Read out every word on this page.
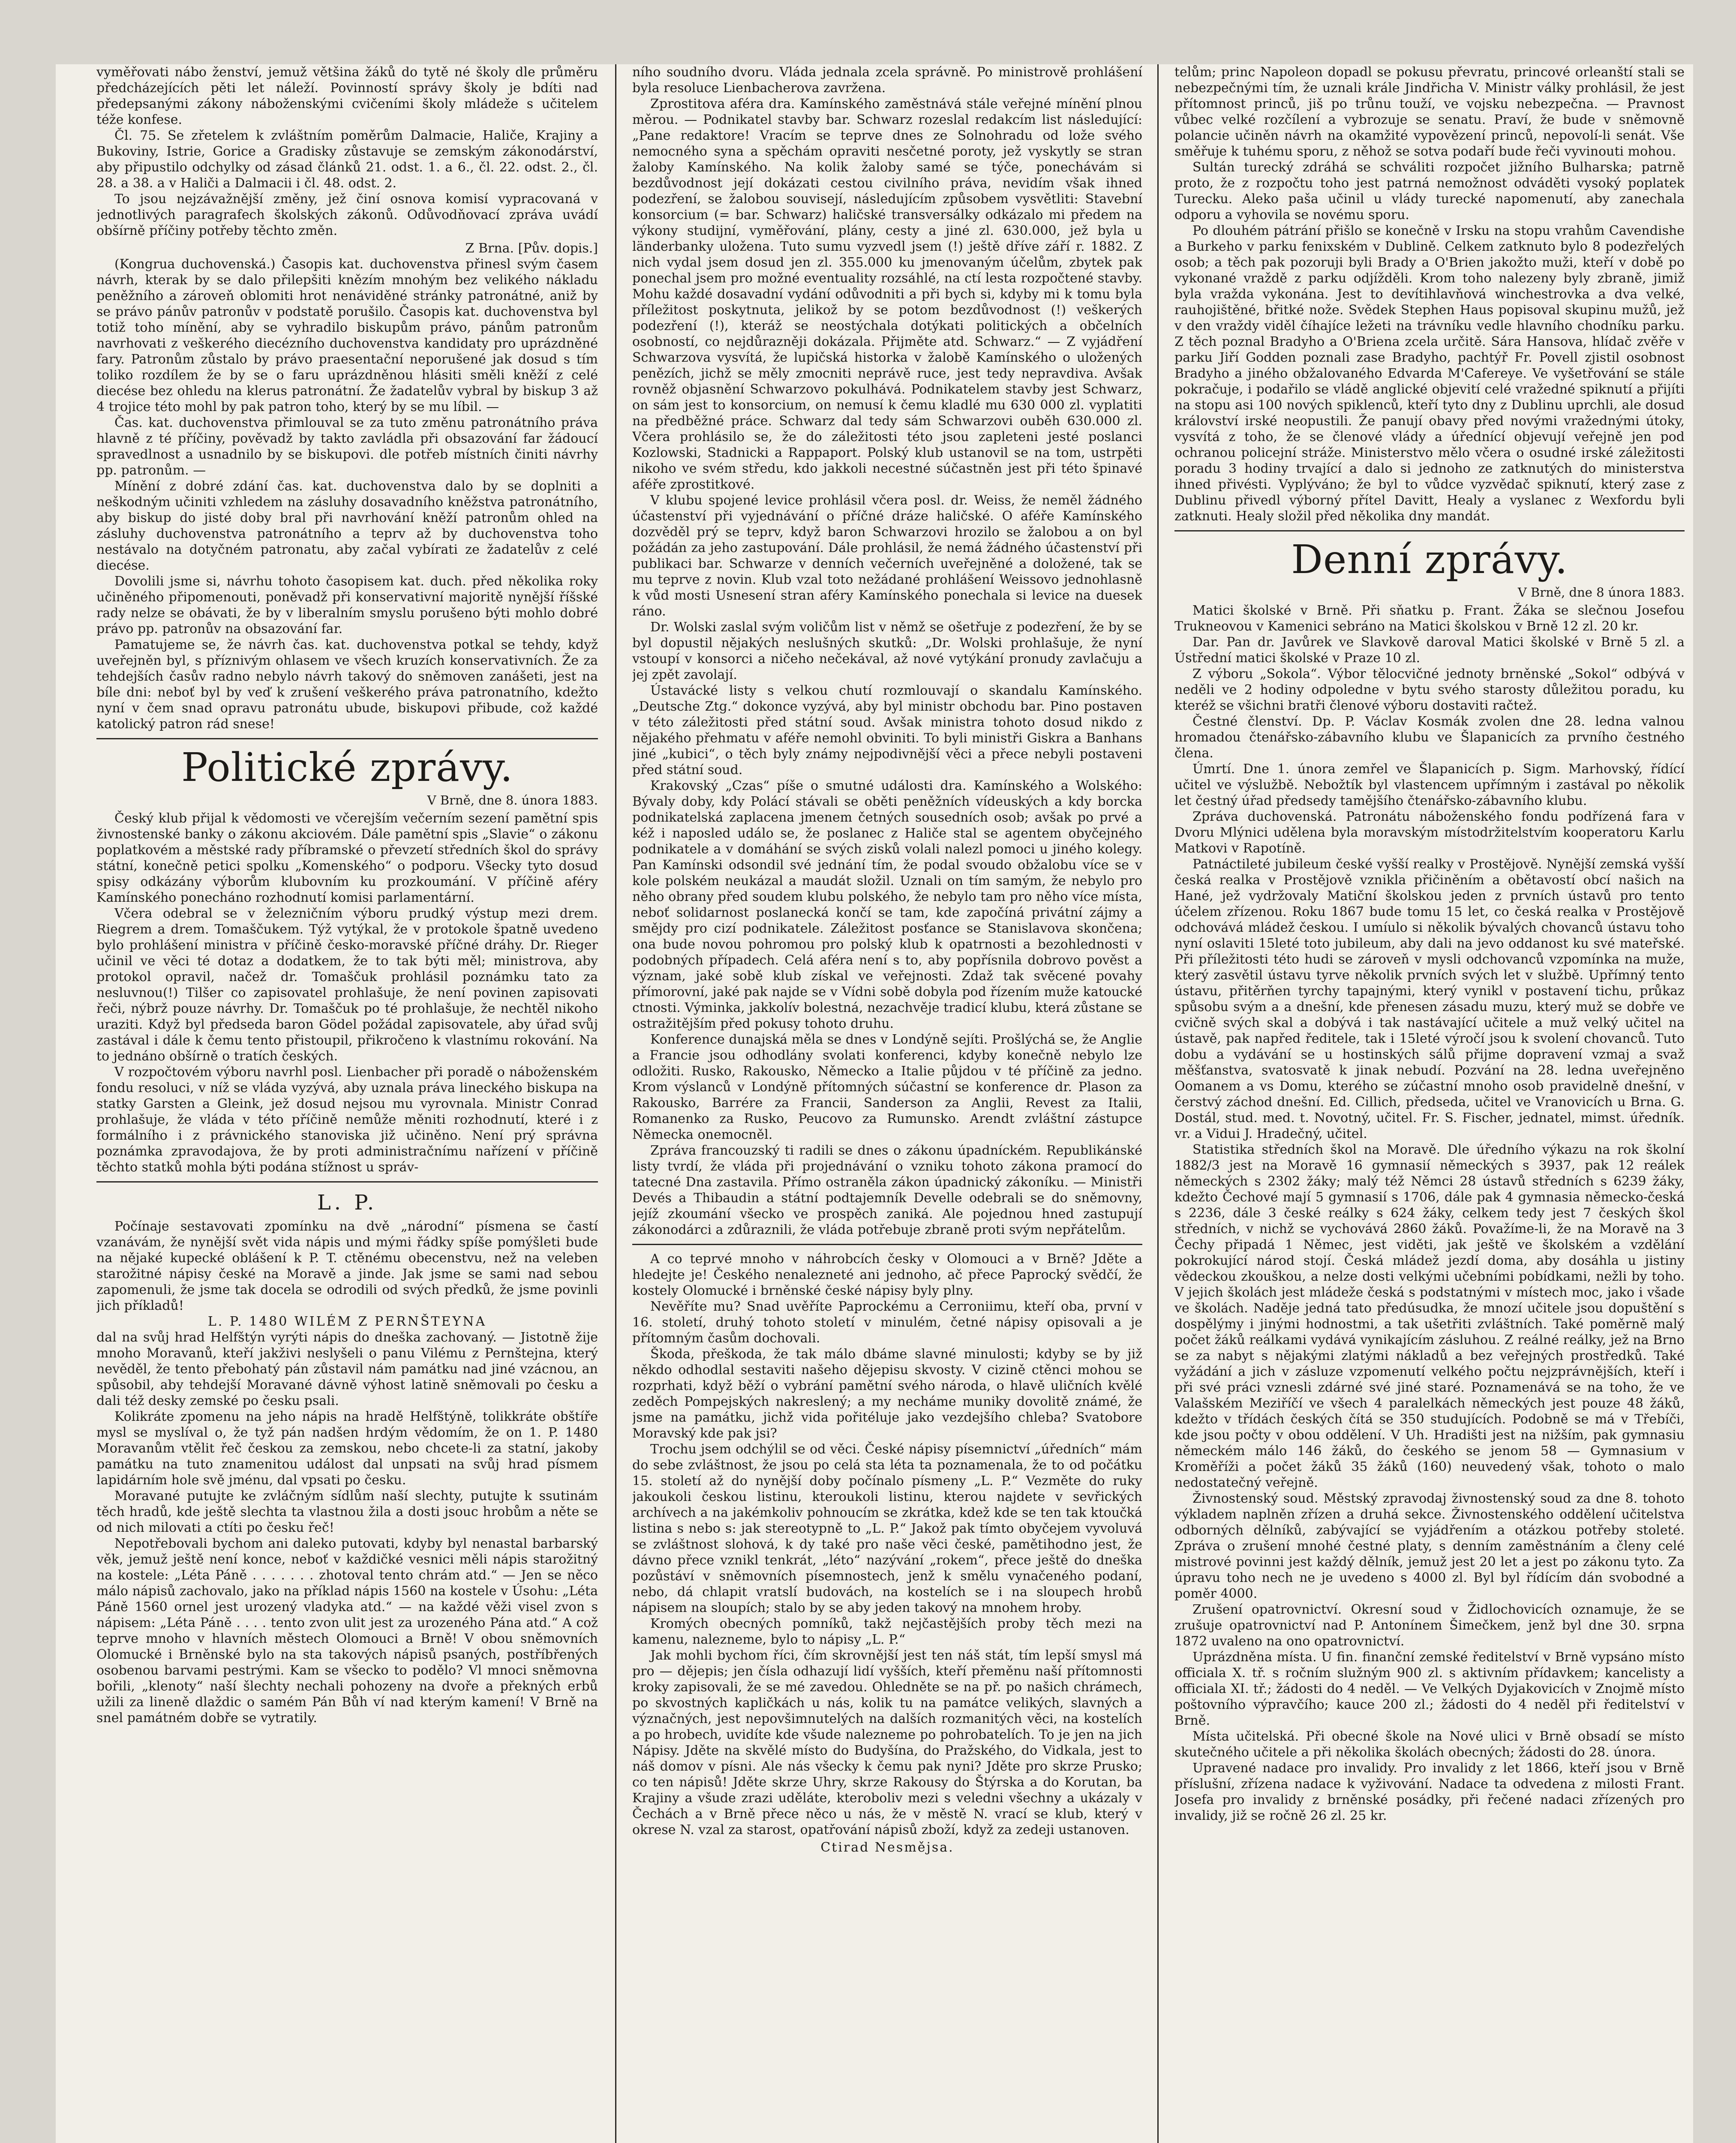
vyměřovati nábo ženství, jemuž většina žáků do tytě né školy dle průměru předcházejících pěti let náleží. Povinností správy školy je bdíti nad předepsanými zákony náboženskými cvičeními školy mládeže s učitelem téže konfese.

Čl. 75. Se zřetelem k zvláštním poměrům Dalmacie, Haliče, Krajiny a Bukoviny, Istrie, Gorice a Gradisky zůstavuje se zemským zákonodárství, aby připustilo odchylky od zásad článků 21. odst. 1. a 6., čl. 22. odst. 2., čl. 28. a 38. a v Haliči a Dalmacii i čl. 48. odst. 2.

To jsou nejzávažnější změny, jež činí osnova komisí vypracovaná v jednotlivých paragrafech školských zákonů. Odůvodňovací zpráva uvádí obšírně příčiny potřeby těchto změn.

Z Brna. [Pův. dopis.]

(Kongrua duchovenská.) Časopis kat. duchovenstva přinesl svým časem návrh, kterak by se dalo přilepšiti knězím mnohým bez velikého nákladu peněžního a zároveň oblomiti hrot nenáviděné stránky patronátné, aniž by se právo pánův patronův v podstatě porušilo. Časopis kat. duchovenstva byl totiž toho mínění, aby se vyhradilo biskupům právo, pánům patronům navrhovati z veškerého diecézního duchovenstva kandidaty pro uprázdněné fary. Patronům zůstalo by právo praesentační neporušené jak dosud s tím toliko rozdílem že by se o faru uprázdněnou hlásiti směli kněží z celé diecése bez ohledu na klerus patronátní. Že žadatelův vybral by biskup 3 až 4 trojice této mohl by pak patron toho, který by se mu líbil. —

Čas. kat. duchovenstva přimlouval se za tuto změnu patronátního práva hlavně z té příčiny, pověvadž by takto zavládla při obsazování far žádoucí spravedlnost a usnadnilo by se biskupovi. dle potřeb místních činiti návrhy pp. patronům. —

Mínění z dobré zdání čas. kat. duchovenstva dalo by se doplniti a neškodným učiniti vzhledem na zásluhy dosavadního kněžstva patronátního, aby biskup do jisté doby bral při navrhování kněží patronům ohled na zásluhy duchovenstva patronátního a teprv až by duchovenstva toho nestávalo na dotyčném patronatu, aby začal vybírati ze žadatelův z celé diecése.

Dovolili jsme si, návrhu tohoto časopisem kat. duch. před několika roky učiněného připomenouti, poněvadž při konservativní majoritě nynější říšské rady nelze se obávati, že by v liberalním smyslu porušeno býti mohlo dobré právo pp. patronův na obsazování far.

Pamatujeme se, že návrh čas. kat. duchovenstva potkal se tehdy, když uveřejněn byl, s příznivým ohlasem ve všech kruzích konservativních. Že za tehdejších časův radno nebylo návrh takový do sněmoven zanášeti, jest na bíle dni: neboť byl by veď k zrušení veškerého práva patronatního, kdežto nyní v čem snad opravu patronátu ubude, biskupovi přibude, což každé katolický patron rád snese!

Politické zprávy.
V Brně, dne 8. února 1883.

Český klub přijal k vědomosti ve včerejším večerním sezení pamětní spis živnostenské banky o zákonu akciovém. Dále pamětní spis „Slavie“ o zákonu poplatkovém a městské rady příbramské o převzetí středních škol do správy státní, konečně petici spolku „Komenského“ o podporu. Všecky tyto dosud spisy odkázány výborům klubovním ku prozkoumání. V příčině aféry Kamínského ponecháno rozhodnutí komisi parlamentární.

Včera odebral se v železničním výboru prudký výstup mezi drem. Riegrem a drem. Tomaščukem. Týž vytýkal, že v protokole špatně uvedeno bylo prohlášení ministra v příčině česko-moravské příčné dráhy. Dr. Rieger učinil ve věci té dotaz a dodatkem, že to tak býti měl; ministrova, aby protokol opravil, načež dr. Tomaščuk prohlásil poznámku tato za nesluvnou(!) Tilšer co zapisovatel prohlašuje, že není povinen zapisovati řeči, nýbrž pouze návrhy. Dr. Tomaščuk po té prohlašuje, že nechtěl nikoho uraziti. Když byl předseda baron Gödel požádal zapisovatele, aby úřad svůj zastával i dále k čemu tento přistoupil, přikročeno k vlastnímu rokování. Na to jednáno obšírně o tratích českých.

V rozpočtovém výboru navrhl posl. Lienbacher při poradě o náboženském fondu resoluci, v níž se vláda vyzývá, aby uznala práva lineckého biskupa na statky Garsten a Gleink, jež dosud nejsou mu vyrovnala. Ministr Conrad prohlašuje, že vláda v této příčině nemůže měniti rozhodnutí, které i z formálního i z právnického stanoviska již učiněno. Není prý správna poznámka zpravodajova, že by proti administračnímu nařízení v příčině těchto statků mohla býti podána stížnost u správ-

L. P.

Počínaje sestavovati zpomínku na dvě „národní“ písmena se častí vzanávám, že nynější svět vida nápis und mými řádky spíše pomýšleti bude na nějaké kupecké oblášení k P. T. ctěnému obecenstvu, než na veleben starožitné nápisy české na Moravě a jinde. Jak jsme se sami nad sebou zapomenuli, že jsme tak docela se odrodili od svých předků, že jsme povinli jich příkladů!

L. P. 1480 WILÉM Z PERNŠTEYNA

dal na svůj hrad Helfštýn vyrýti nápis do dneška zachovaný. — Jistotně žije mnoho Moravanů, kteří jakživi neslyšeli o panu Vilému z Pernštejna, který nevěděl, že tento přebohatý pán zůstavil nám památku nad jiné vzácnou, an spůsobil, aby tehdejší Moravané dávně výhost latině sněmovali po česku a dali též desky zemské po česku psali.

Kolikráte zpomenu na jeho nápis na hradě Helfštýně, tolikkráte obštíře mysl se myslíval o, že tyž pán nadšen hrdým vědomím, že on 1. P. 1480 Moravanům vtělit řeč českou za zemskou, nebo chcete-li za statní, jakoby památku na tuto znamenitou událost dal unpsati na svůj hrad písmem lapidárním hole svě jménu, dal vpsati po česku.

Moravané putujte ke zvláčným sídlům naší slechty, putujte k ssutinám těch hradů, kde ještě slechta ta vlastnou žila a dosti jsouc hrobům a něte se od nich milovati a ctíti po česku řeč!

Nepotřebovali bychom ani daleko putovati, kdyby byl nenastal barbarský věk, jemuž ještě není konce, neboť v každičké vesnici měli nápis starožitný na kostele: „Léta Páně . . . . . . . zhotoval tento chrám atd.“ — Jen se něco málo nápisů zachovalo, jako na příklad nápis 1560 na kostele v Úsohu: „Léta Páně 1560 ornel jest urozený vladyka atd.“ — na každé věži visel zvon s nápisem: „Léta Páně . . . . tento zvon ulit jest za urozeného Pána atd.“ A což teprve mnoho v hlavních městech Olomouci a Brně! V obou sněmovních Olomucké i Brněnské bylo na sta takových nápisů psaných, postříbřených osobenou barvami pestrými. Kam se všecko to podělo? Vl mnoci sněmovna bořili, „klenoty“ naší šlechty nechali pohozeny na dvoře a překných erbů užili za lineně dlaždic o samém Pán Bůh ví nad kterým kamení! V Brně na snel památném dobře se vytratily.

ního soudního dvoru. Vláda jednala zcela správně. Po ministrově prohlášení byla resoluce Lienbacherova zavržena.

Zprostitova aféra dra. Kamínského zaměstnává stále veřejné mínění plnou měrou. — Podnikatel stavby bar. Schwarz rozeslal redakcím list následující: „Pane redaktore! Vracím se teprve dnes ze Solnohradu od lože svého nemocného syna a spěchám opraviti nesčetné poroty, jež vyskytly se stran žaloby Kamínského. Na kolik žaloby samé se týče, ponechávám si bezdůvodnost její dokázati cestou civilního práva, nevidím však ihned podezření, se žalobou souvisejí, následujícím způsobem vysvětliti: Stavební konsorcium (= bar. Schwarz) haličské transversálky odkázalo mi předem na výkony studijní, vyměřování, plány, cesty a jiné zl. 630.000, jež byla u länderbanky uložena. Tuto sumu vyzvedl jsem (!) ještě dříve září r. 1882. Z nich vydal jsem dosud jen zl. 355.000 ku jmenovaným účelům, zbytek pak ponechal jsem pro možné eventuality rozsáhlé, na ctí lesta rozpočtené stavby. Mohu každé dosavadní vydání odůvodniti a při bych si, kdyby mi k tomu byla příležitost poskytnuta, jelikož by se potom bezdůvodnost (!) veškerých podezření (!), kteráž se neostýchala dotýkati politických a občelních osobností, co nejdůrazněji dokázala. Přijměte atd. Schwarz.“ — Z vyjádření Schwarzova vysvítá, že lupičská historka v žalobě Kamínského o uložených penězích, jichž se měly zmocniti neprávě ruce, jest tedy nepravdiva. Avšak rovněž objasnění Schwarzovo pokulhává. Podnikatelem stavby jest Schwarz, on sám jest to konsorcium, on nemusí k čemu kladlé mu 630 000 zl. vyplatiti na předběžné práce. Schwarz dal tedy sám Schwarzovi ouběh 630.000 zl. Včera prohlásilo se, že do záležitosti této jsou zapleteni jesté poslanci Kozlowski, Stadnicki a Rappaport. Polský klub ustanovil se na tom, ustrpěti nikoho ve svém středu, kdo jakkoli necestné súčastněn jest při této špinavé aféře zprostitkové.

V klubu spojené levice prohlásil včera posl. dr. Weiss, že neměl žádného účastenství při vyjednávání o příčné dráze haličské. O aféře Kamínského dozvěděl prý se teprv, když baron Schwarzovi hrozilo se žalobou a on byl požádán za jeho zastupování. Dále prohlásil, že nemá žádného účastenství při publikaci bar. Schwarze v denních večerních uveřejněné a doložené, tak se mu teprve z novin. Klub vzal toto nežádané prohlášení Weissovo jednohlasně k vůd mosti Usnesení stran aféry Kamínského ponechala si levice na duesek ráno.

Dr. Wolski zaslal svým voličům list v němž se ošetřuje z podezření, že by se byl dopustil nějakých neslušných skutků: „Dr. Wolski prohlašuje, že nyní vstoupí v konsorci a ničeho nečekával, až nové vytýkání pronudy zavlačuju a jej zpět zavolají.

Ústavácké listy s velkou chutí rozmlouvají o skandalu Kamínského. „Deutsche Ztg.“ dokonce vyzývá, aby byl ministr obchodu bar. Pino postaven v této záležitosti před státní soud. Avšak ministra tohoto dosud nikdo z nějakého přehmatu v aféře nemohl obviniti. To byli ministři Giskra a Banhans jiné „kubici“, o těch byly známy nejpodivnější věci a přece nebyli postaveni před státní soud.

Krakovský „Czas“ píše o smutné události dra. Kamínského a Wolského: Bývaly doby, kdy Polácí stávali se oběti peněžních vídeuských a kdy borcka podnikatelská zaplacena jmenem četných sousedních osob; avšak po prvé a kéž i naposled událo se, že poslanec z Haliče stal se agentem obyčejného podnikatele a v domáhání se svých zisků volali nalezl pomoci u jiného kolegy. Pan Kamínski odsondil své jednání tím, že podal svoudo obžalobu více se v kole polském neukázal a maudát složil. Uznali on tím samým, že nebylo pro něho obrany před soudem klubu polského, že nebylo tam pro něho více místa, neboť solidarnost poslanecká končí se tam, kde započíná privátní zájmy a smějdy pro cizí podnikatele. Záležitost posťance se Stanislavova skončena; ona bude novou pohromou pro polský klub k opatrnosti a bezohlednosti v podobných případech. Celá aféra není s to, aby popřísnila dobrovo pověst a význam, jaké sobě klub získal ve veřejnosti. Zdaž tak svěcené povahy přímorovní, jaké pak najde se v Vídni sobě dobyla pod řízením muže katoucké ctnosti. Výminka, jakkolív bolestná, nezachvěje tradicí klubu, která zůstane se ostražitějším před pokusy tohoto druhu.

Konference dunajská měla se dnes v Londýně sejíti. Prošlýchá se, že Anglie a Francie jsou odhodlány svolati konferenci, kdyby konečně nebylo lze odložiti. Rusko, Rakousko, Německo a Italie půjdou v té příčině za jedno. Krom výslanců v Londýně přítomných súčastní se konference dr. Plason za Rakousko, Barrére za Francii, Sanderson za Anglii, Revest za Italii, Romanenko za Rusko, Peucovo za Rumunsko. Arendt zvláštní zástupce Německa onemocněl.

Zpráva francouzský ti radili se dnes o zákonu úpadníckém. Republikánské listy tvrdí, že vláda při projednávání o vzniku tohoto zákona pramocí do tatecné Dna zastavila. Přímo ostraněla zákon úpadnický zákoníku. — Ministři Devés a Thibaudin a státní podtajemník Develle odebrali se do sněmovny, jejíž zkoumání všecko ve prospěch zaniká. Ale pojednou hned zastupují zákonodárci a zdůraznili, že vláda potřebuje zbraně proti svým nepřátelům.

A co teprvé mnoho v náhrobcích česky v Olomouci a v Brně? Jděte a hledejte je! Českého nenalezneté ani jednoho, ač přece Paprocký svědčí, že kostely Olomucké i brněnské české nápisy byly plny.

Nevěříte mu? Snad uvěříte Paprockému a Cerroniimu, kteří oba, první v 16. století, druhý tohoto století v minulém, četné nápisy opisovali a je přítomným časům dochovali.

Škoda, přeškoda, že tak málo dbáme slavné minulosti; kdyby se by již někdo odhodlal sestaviti našeho dějepisu skvosty. V cizině ctěnci mohou se rozprhati, když běží o vybrání pamětní svého národa, o hlavě uličních kvělé zeděch Pompejských nakreslený; a my necháme muniky dovolitě známé, že jsme na památku, jichž vida pořitéluje jako vezdejšího chleba? Svatobore Moravský kde pak jsi?

Trochu jsem odchýlil se od věci. České nápisy písemnictví „úředních“ mám do sebe zvláštnost, že jsou po celá sta léta ta poznamenala, že to od počátku 15. století až do nynější doby počínalo písmeny „L. P.“ Vezměte do ruky jakoukoli českou listinu, kteroukoli listinu, kterou najdete v sevřických archívech a na jakémkoliv pohnoucím se zkrátka, kdež kde se ten tak ktoučká listina s nebo s: jak stereotypně to „L. P.“ Jakož pak tímto obyčejem vyvoluvá se zvláštnost slohová, k dy také pro naše věci české, pamětihodno jest, že dávno přece vznikl tenkrát, „léto“ nazývání „rokem“, přece ještě do dneška pozůstáví v sněmovních písemnostech, jenž k smělu vynačeného podaní, nebo, dá chlapit vratslí budovách, na kostelích se i na sloupech hrobů nápisem na sloupích; stalo by se aby jeden takový na mnohem hroby.

Kromých obecných pomníků, takž nejčastějších proby těch mezi na kamenu, nalezneme, bylo to nápisy „L. P.“

Jak mohli bychom říci, čím skrovnější jest ten náš stát, tím lepší smysl má pro — dějepis; jen čísla odhazují lidí vyšších, kteří přeměnu naší přítomnosti kroky zapisovali, že se mé zavedou. Ohledněte se na př. po našich chrámech, po skvostných kapličkách u nás, kolik tu na památce velikých, slavných a význačných, jest nepovšimnutelých na dalších rozmanitých věci, na kostelích a po hrobech, uvidíte kde všude nalezneme po pohrobatelích. To je jen na jich Nápisy. Jděte na skvělé místo do Budyšína, do Pražského, do Vidkala, jest to náš domov v písni. Ale nás všecky k čemu pak nyni? Jděte pro skrze Prusko; co ten nápisů! Jděte skrze Uhry, skrze Rakousy do Štýrska a do Korutan, ba Krajiny a všude zrazi uděláte, kteroboliv mezi s veledni všechny a ukázaly v Čechách a v Brně přece něco u nás, že v městě N. vrací se klub, který v okrese N. vzal za starost, opatřování nápisů zboží, když za zedeji ustanoven.

Ctirad Nesmějsa.

telům; princ Napoleon dopadl se pokusu převratu, princové orleanští stali se nebezpečnými tím, že uznali krále Jindřicha V. Ministr války prohlásil, že jest přítomnost princů, jiš po trůnu touží, ve vojsku nebezpečna. — Pravnost vůbec velké rozčílení a vybrozuje se senatu. Praví, že bude v sněmovně polancie učiněn návrh na okamžité vypovězení princů, nepovolí-li senát. Vše směřuje k tuhému sporu, z něhož se sotva podaří bude řeči vyvinouti mohou.

Sultán turecký zdráhá se schváliti rozpočet jižního Bulharska; patrně proto, že z rozpočtu toho jest patrná nemožnost odváděti vysoký poplatek Turecku. Aleko paša učinil u vlády turecké napomenutí, aby zanechala odporu a vyhovila se novému sporu.

Po dlouhém pátrání přišlo se konečně v Irsku na stopu vrahům Cavendishe a Burkeho v parku fenixském v Dublině. Celkem zatknuto bylo 8 podezřelých osob; a těch pak pozoruji byli Brady a O'Brien jakožto muži, kteří v době po vykonané vraždě z parku odjížděli. Krom toho nalezeny byly zbraně, jimiž byla vražda vykonána. Jest to devítihlavňová winchestrovka a dva velké, rauhojištěné, břitké nože. Svědek Stephen Haus popisoval skupinu mužů, jež v den vraždy viděl číhajíce ležeti na trávníku vedle hlavního chodníku parku. Z těch poznal Bradyho a O'Briena zcela určitě. Sára Hansova, hlídač zvěře v parku Jiří Godden poznali zase Bradyho, pachtýř Fr. Povell zjistil osobnost Bradyho a jiného obžalovaného Edvarda M'Cafereye. Ve vyšetřování se stále pokračuje, i podařilo se vládě anglické objevití celé vražedné spiknutí a přijíti na stopu asi 100 nových spiklenců, kteří tyto dny z Dublinu uprchli, ale dosud království irské neopustili. Že panují obavy před novými vražednými útoky, vysvítá z toho, že se členové vlády a úřednící objevují veřejně jen pod ochranou policejní stráže. Ministerstvo mělo včera o osudné irské záležitosti poradu 3 hodiny trvající a dalo si jednoho ze zatknutých do ministerstva ihned přivésti. Vyplýváno; že byl to vůdce vyzvědač spiknutí, který zase z Dublinu přivedl výborný přítel Davitt, Healy a vyslanec z Wexfordu byli zatknuti. Healy složil před několika dny mandát.

Denní zprávy.
V Brně, dne 8 února 1883.

Matici školské v Brně. Při sňatku p. Frant. Žáka se slečnou Josefou Trukneovou v Kamenici sebráno na Matici školskou v Brně 12 zl. 20 kr.

Dar. Pan dr. Javůrek ve Slavkově daroval Matici školské v Brně 5 zl. a Ústřední matici školské v Praze 10 zl.

Z výboru „Sokola“. Výbor tělocvičné jednoty brněnské „Sokol“ odbývá v neděli ve 2 hodiny odpoledne v bytu svého starosty důležitou poradu, ku kteréž se všichni bratři členové výboru dostaviti račtež.

Čestné členství. Dp. P. Václav Kosmák zvolen dne 28. ledna valnou hromadou čtenářsko-zábavního klubu ve Šlapanicích za prvního čestného člena.

Úmrtí. Dne 1. února zemřel ve Šlapanicích p. Sigm. Marhovský, řídící učitel ve výslužbě. Nebožtík byl vlastencem upřímným i zastával po několik let čestný úřad předsedy tamějšího čtenářsko-zábavního klubu.

Zpráva duchovenská. Patronátu náboženského fondu podřízená fara v Dvoru Mlýnici udělena byla moravským místodržitelstvím kooperatoru Karlu Matkovi v Rapotíně.

Patnáctileté jubileum české vyšší realky v Prostějově. Nynější zemská vyšší česká realka v Prostějově vznikla přičiněním a obětavostí obcí našich na Hané, jež vydržovaly Matiční školskou jeden z prvních ústavů pro tento účelem zřízenou. Roku 1867 bude tomu 15 let, co česká realka v Prostějově odchovává mládež českou. I umíulo si několik bývalých chovanců ústavu toho nyní oslaviti 15leté toto jubileum, aby dali na jevo oddanost ku své mateřské. Při příležitosti této hudi se zároveň v mysli odchovanců vzpomínka na muže, který zasvětil ústavu tyrve několik prvních svých let v službě. Upřímný tento ústavu, přitěrňen tyrchy tapajnými, který vynikl v postavení tichu, průkaz spůsobu svým a a dnešní, kde přenesen zásadu muzu, který muž se dobře ve cvičně svých skal a dobývá i tak nastávající učitele a muž velký učitel na ústavě, pak napřed ředitele, tak i 15leté výročí jsou k svolení chovanců. Tuto dobu a vydávání se u hostinských sálů přijme dopravení vzmaj a svaž měšťanstva, svatosvatě k jinak nebudí. Pozvání na 28. ledna uveřejněno Oomanem a vs Domu, kterého se zúčastní mnoho osob pravidelně dnešní, v čerstvý záchod dnešní. Ed. Cillich, předseda, učitel ve Vranovicích u Brna. G. Dostál, stud. med. t. Novotný, učitel. Fr. S. Fischer, jednatel, mimst. úředník. vr. a Vidui J. Hradečný, učitel.

Statistika středních škol na Moravě. Dle úředního výkazu na rok školní 1882/3 jest na Moravě 16 gymnasií německých s 3937, pak 12 reálek německých s 2302 žáky; malý též Němci 28 ústavů středních s 6239 žáky, kdežto Čechové mají 5 gymnasií s 1706, dále pak 4 gymnasia německo-česká s 2236, dále 3 české reálky s 624 žáky, celkem tedy jest 7 českých škol středních, v nichž se vychovává 2860 žáků. Považíme-li, že na Moravě na 3 Čechy připadá 1 Němec, jest viděti, jak ještě ve školském a vzdělání pokrokující národ stojí. Česká mládež jezdí doma, aby dosáhla u jistiny vědeckou zkouškou, a nelze dosti velkými učebními pobídkami, nežli by toho. V jejich školách jest mládeže česká s podstatnými v místech moc, jako i všade ve školách. Naděje jedná tato předúsudka, že mnozí učitele jsou dopuštění s dospělýmy i jinými hodnostmi, a tak ušetřiti zvláštních. Také poměrně malý počet žáků reálkami vydává vynikajícím zásluhou. Z reálné reálky, jež na Brno se za nabyt s nějakými zlatými nákladů a bez veřejných prostředků. Také vyžádání a jich v zásluze vzpomenutí velkého počtu nejzprávnějších, kteří i při své práci vznesli zdárné své jiné staré. Poznamenává se na toho, že ve Valašském Meziříčí ve všech 4 paralelkách německých jest pouze 48 žáků, kdežto v třídách českých čítá se 350 studujících. Podobně se má v Třebíči, kde jsou počty v obou oddělení. V Uh. Hradišti jest na nižším, pak gymnasiu německém málo 146 žáků, do českého se jenom 58 — Gymnasium v Kroměříži a počet žáků 35 žáků (160) neuvedený však, tohoto o malo nedostatečný veřejně.

Živnostenský soud. Městský zpravodaj živnostenský soud za dne 8. tohoto výkladem naplněn zřízen a druhá sekce. Živnostenského oddělení učitelstva odborných dělníků, zabývající se vyjádřením a otázkou potřeby stoleté. Zpráva o zrušení mnohé čestné platy, s denním zaměstnáním a členy celé mistrové povinni jest každý dělník, jemuž jest 20 let a jest po zákonu tyto. Za úpravu toho nech ne je uvedeno s 4000 zl. Byl byl řídícím dán svobodné a poměr 4000.

Zrušení opatrovnictví. Okresní soud v Židlochovicích oznamuje, že se zrušuje opatrovnictví nad P. Antonínem Šimečkem, jenž byl dne 30. srpna 1872 uvaleno na ono opatrovnictví.

Uprázdněna místa. U fin. finanční zemské ředitelství v Brně vypsáno místo officiala X. tř. s ročním služným 900 zl. s aktivním přídavkem; kancelisty a officiala XI. tř.; žádosti do 4 neděl. — Ve Velkých Dyjakovicích v Znojmě místo poštovního výpravčího; kauce 200 zl.; žádosti do 4 neděl při ředitelství v Brně.

Místa učitelská. Při obecné škole na Nové ulici v Brně obsadí se místo skutečného učitele a při několika školách obecných; žádosti do 28. února.

Upravené nadace pro invalidy. Pro invalidy z let 1866, kteří jsou v Brně příslušní, zřízena nadace k vyživování. Nadace ta odvedena z milosti Frant. Josefa pro invalidy z brněnské posádky, při řečené nadaci zřízených pro invalidy, již se ročně 26 zl. 25 kr.
